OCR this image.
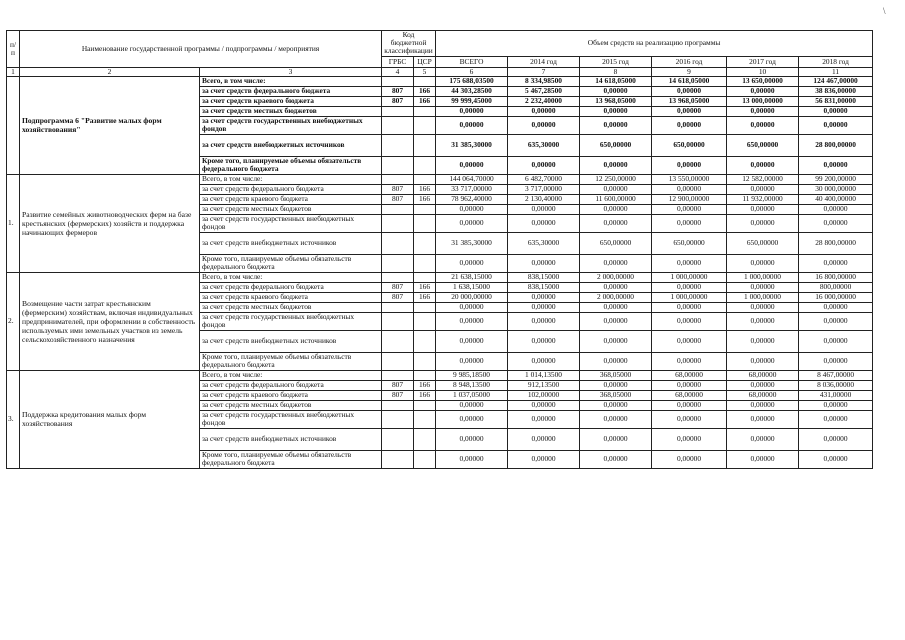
\
п/п	Наименование государственной программы / подпрограммы / мероприятия		Код бюджетной классификации		Объем средств на реализацию программы					
			ГРБС	ЦСР	ВСЕГО	2014 год	2015 год	2016 год	2017 год	2018 год

1	2	3	4	5	6	7	8	9	10	11
	Подпрограмма 6 "Развитие малых форм хозяйствования"	Всего, в том числе:			175 688,03500	8 334,98500	14 618,05000	14 618,05000	13 650,00000	124 467,00000
		за счет средств федерального бюджета	807	166	44 303,28500	5 467,28500	0,00000	0,00000	0,00000	38 836,00000
		за счет средств краевого бюджета	807	166	99 999,45000	2 232,40000	13 968,05000	13 968,05000	13 000,00000	56 831,00000
		за счет средств местных бюджетов			0,00000	0,00000	0,00000	0,00000	0,00000	0,00000
		за счет средств государственных внебюджетных фондов			0,00000	0,00000	0,00000	0,00000	0,00000	0,00000
		за счет средств внебюджетных источников			31 385,30000	635,30000	650,00000	650,00000	650,00000	28 800,00000
		Кроме того, планируемые объемы обязательств федерального бюджета			0,00000	0,00000	0,00000	0,00000	0,00000	0,00000
1.	Развитие семейных животноводческих ферм на базе крестьянских (фермерских) хозяйств и поддержка начинающих фермеров	Всего, в том числе:			144 064,70000	6 482,70000	12 250,00000	13 550,00000	12 582,00000	99 200,00000
		за счет средств федерального бюджета	807	166	33 717,00000	3 717,00000	0,00000	0,00000	0,00000	30 000,00000
		за счет средств краевого бюджета	807	166	78 962,40000	2 130,40000	11 600,00000	12 900,00000	11 932,00000	40 400,00000
		за счет средств местных бюджетов			0,00000	0,00000	0,00000	0,00000	0,00000	0,00000
		за счет средств государственных внебюджетных фондов			0,00000	0,00000	0,00000	0,00000	0,00000	0,00000
		за счет средств внебюджетных источников			31 385,30000	635,30000	650,00000	650,00000	650,00000	28 800,00000
		Кроме того, планируемые объемы обязательств федерального бюджета			0,00000	0,00000	0,00000	0,00000	0,00000	0,00000
2.	Возмещение части затрат крестьянским (фермерским) хозяйствам, включая индивидуальных предпринимателей, при оформлении в собственность используемых ими земельных участков из земель сельскохозяйственного назначения	Всего, в том числе:			21 638,15000	838,15000	2 000,00000	1 000,00000	1 000,00000	16 800,00000
		за счет средств федерального бюджета	807	166	1 638,15000	838,15000	0,00000	0,00000	0,00000	800,00000
		за счет средств краевого бюджета	807	166	20 000,00000	0,00000	2 000,00000	1 000,00000	1 000,00000	16 000,00000
		за счет средств местных бюджетов			0,00000	0,00000	0,00000	0,00000	0,00000	0,00000
		за счет средств государственных внебюджетных фондов			0,00000	0,00000	0,00000	0,00000	0,00000	0,00000
		за счет средств внебюджетных источников			0,00000	0,00000	0,00000	0,00000	0,00000	0,00000
		Кроме того, планируемые объемы обязательств федерального бюджета			0,00000	0,00000	0,00000	0,00000	0,00000	0,00000
3.	Поддержка кредитования малых форм хозяйствования	Всего, в том числе:			9 985,18500	1 014,13500	368,05000	68,00000	68,00000	8 467,00000
		за счет средств федерального бюджета	807	166	8 948,13500	912,13500	0,00000	0,00000	0,00000	8 036,00000
		за счет средств краевого бюджета	807	166	1 037,05000	102,00000	368,05000	68,00000	68,00000	431,00000
		за счет средств местных бюджетов			0,00000	0,00000	0,00000	0,00000	0,00000	0,00000
		за счет средств государственных внебюджетных фондов			0,00000	0,00000	0,00000	0,00000	0,00000	0,00000
		за счет средств внебюджетных источников			0,00000	0,00000	0,00000	0,00000	0,00000	0,00000
		Кроме того, планируемые объемы обязательств федерального бюджета			0,00000	0,00000	0,00000	0,00000	0,00000	0,00000
